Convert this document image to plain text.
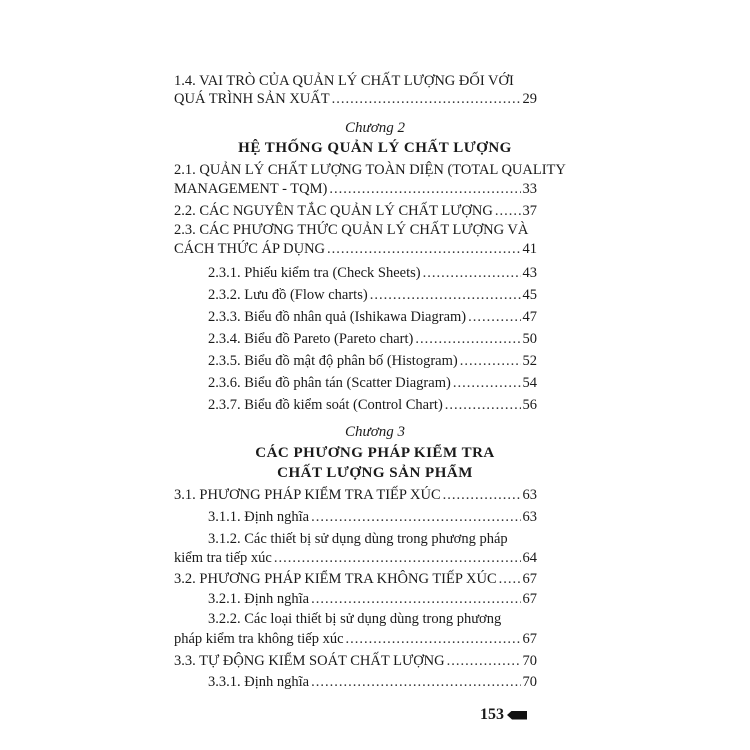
1.4. VAI TRÒ CỦA QUẢN LÝ CHẤT LƯỢNG ĐỐI VỚI
QUÁ TRÌNH SẢN XUẤT .....	29
Chương 2
HỆ THỐNG QUẢN LÝ CHẤT LƯỢNG
2.1. QUẢN LÝ CHẤT LƯỢNG TOÀN DIỆN (TOTAL QUALITY
MANAGEMENT - TQM) .....	33
2.2. CÁC NGUYÊN TẮC QUẢN LÝ CHẤT LƯỢNG ..... 37
2.3. CÁC PHƯƠNG THỨC QUẢN LÝ CHẤT LƯỢNG VÀ
CÁCH THỨC ÁP DỤNG .....	41
2.3.1. Phiếu kiểm tra (Check Sheets) .....	43
2.3.2. Lưu đồ (Flow charts) .....	45
2.3.3. Biểu đồ nhân quả (Ishikawa Diagram) .....	47
2.3.4. Biểu đồ Pareto (Pareto chart) .....	50
2.3.5. Biểu đồ mật độ phân bố (Histogram) .....	52
2.3.6. Biểu đồ phân tán (Scatter Diagram) .....	54
2.3.7. Biểu đồ kiểm soát (Control Chart) .....	56
Chương 3
CÁC PHƯƠNG PHÁP KIỂM TRA
CHẤT LƯỢNG SẢN PHẨM
3.1. PHƯƠNG PHÁP KIỂM TRA TIẾP XÚC .....	63
3.1.1. Định nghĩa .....	63
3.1.2. Các thiết bị sử dụng dùng trong phương pháp
kiểm tra tiếp xúc .....	64
3.2. PHƯƠNG PHÁP KIỂM TRA KHÔNG TIẾP XÚC ..... 67
3.2.1. Định nghĩa .....	67
3.2.2. Các loại thiết bị sử dụng dùng trong phương
pháp kiểm tra không tiếp xúc .....	67
3.3. TỰ ĐỘNG KIỂM SOÁT CHẤT LƯỢNG .....	70
3.3.1. Định nghĩa .....	70
153
